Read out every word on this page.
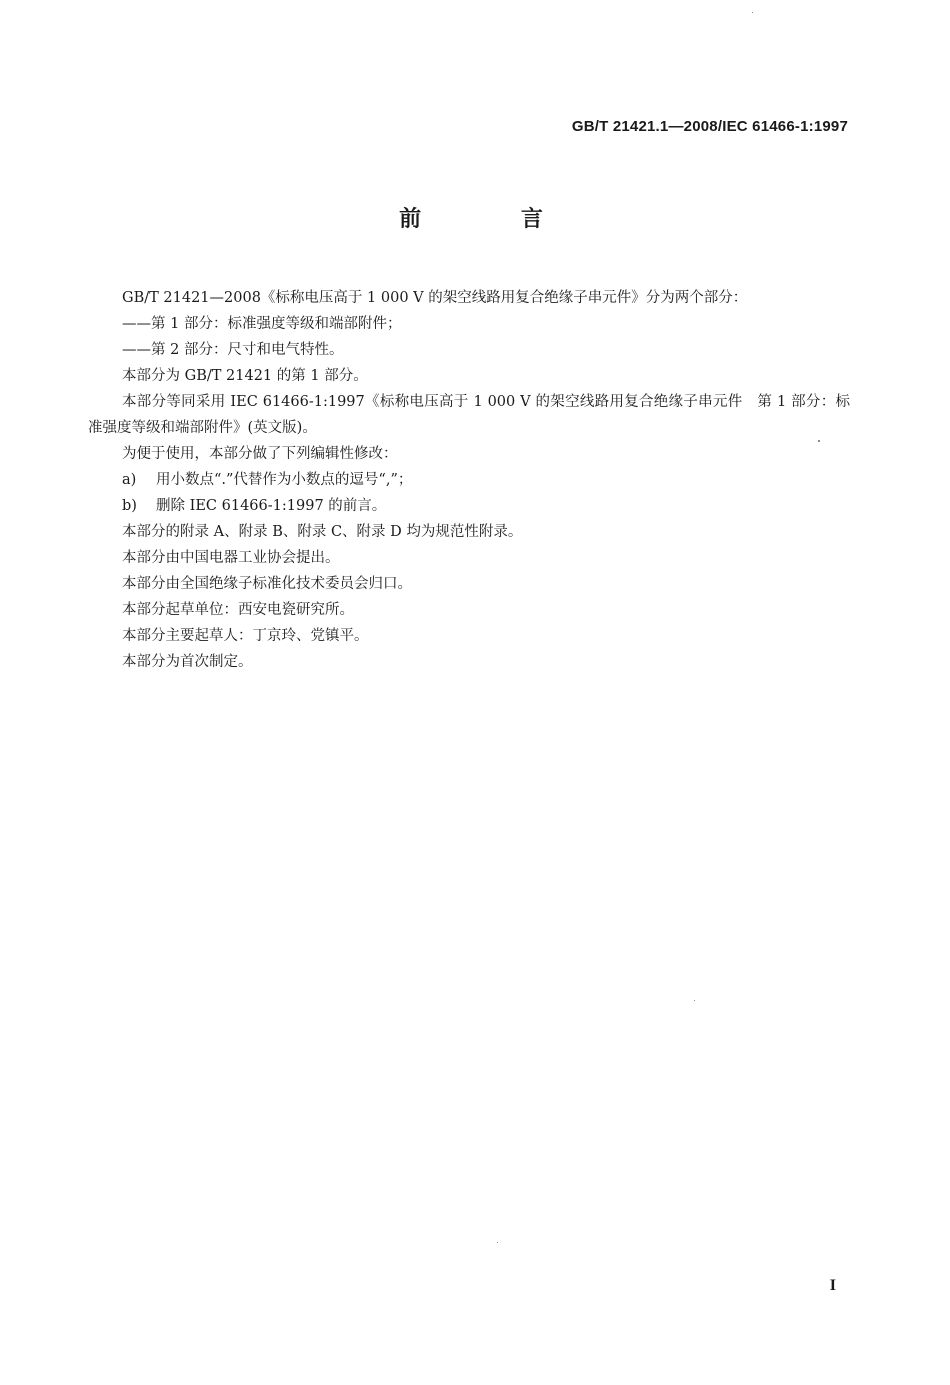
GB/T 21421.1—2008/IEC 61466-1:1997
前 言

GB/T 21421—2008《标称电压高于 1 000 V 的架空线路用复合绝缘子串元件》分为两个部分：

——第 1 部分：标准强度等级和端部附件；

——第 2 部分：尺寸和电气特性。

本部分为 GB/T 21421 的第 1 部分。

本部分等同采用 IEC 61466-1:1997《标称电压高于 1 000 V 的架空线路用复合绝缘子串元件　第 1 部分：标准强度等级和端部附件》(英文版)。

为便于使用，本部分做了下列编辑性修改：

a) 用小数点“.”代替作为小数点的逗号“,”；

b) 删除 IEC 61466-1:1997 的前言。

本部分的附录 A、附录 B、附录 C、附录 D 均为规范性附录。

本部分由中国电器工业协会提出。

本部分由全国绝缘子标准化技术委员会归口。

本部分起草单位：西安电瓷研究所。

本部分主要起草人：丁京玲、党镇平。

本部分为首次制定。

I
